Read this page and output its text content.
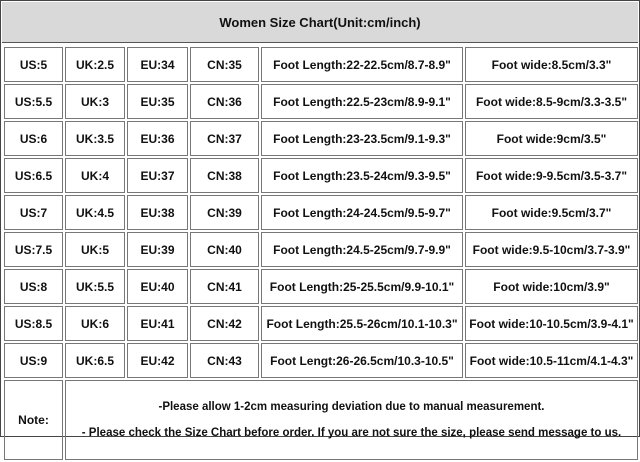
Women Size Chart(Unit:cm/inch)
US:5	UK:2.5	EU:34	CN:35	Foot Length:22-22.5cm/8.7-8.9"	Foot wide:8.5cm/3.3"
US:5.5	UK:3	EU:35	CN:36	Foot Length:22.5-23cm/8.9-9.1"	Foot wide:8.5-9cm/3.3-3.5"
US:6	UK:3.5	EU:36	CN:37	Foot Length:23-23.5cm/9.1-9.3"	Foot wide:9cm/3.5"
US:6.5	UK:4	EU:37	CN:38	Foot Length:23.5-24cm/9.3-9.5"	Foot wide:9-9.5cm/3.5-3.7"
US:7	UK:4.5	EU:38	CN:39	Foot Length:24-24.5cm/9.5-9.7"	Foot wide:9.5cm/3.7"
US:7.5	UK:5	EU:39	CN:40	Foot Length:24.5-25cm/9.7-9.9"	Foot wide:9.5-10cm/3.7-3.9"
US:8	UK:5.5	EU:40	CN:41	Foot Length:25-25.5cm/9.9-10.1"	Foot wide:10cm/3.9"
US:8.5	UK:6	EU:41	CN:42	Foot Length:25.5-26cm/10.1-10.3"	Foot wide:10-10.5cm/3.9-4.1"
US:9	UK:6.5	EU:42	CN:43	Foot Lengt:26-26.5cm/10.3-10.5"	Foot wide:10.5-11cm/4.1-4.3"
Note:	-Please allow 1-2cm measuring deviation due to manual measurement.
- Please check the Size Chart before order. If you are not sure the size, please send message to us.				
